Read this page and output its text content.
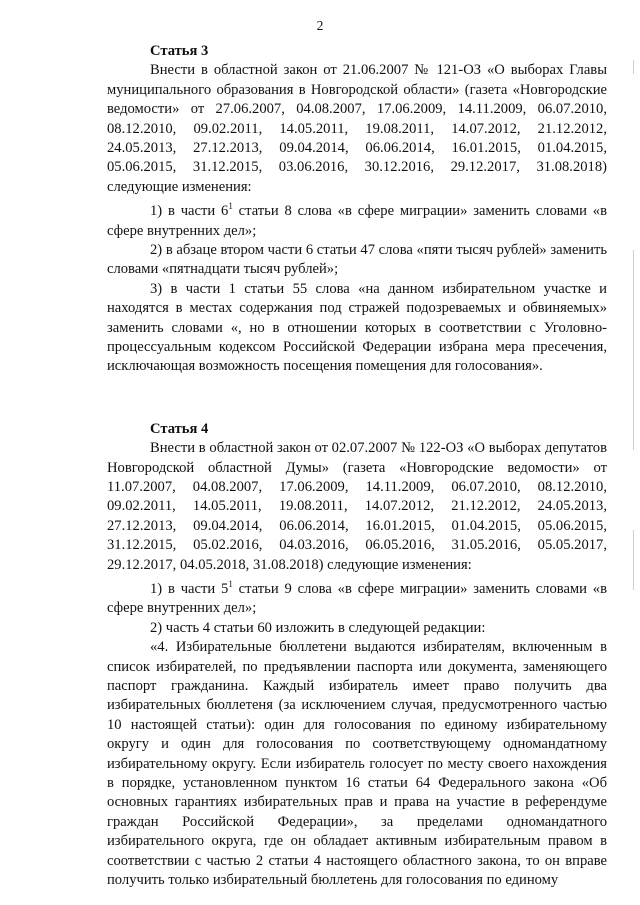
2

Статья 3

Внести в областной закон от 21.06.2007 № 121-ОЗ «О выборах Главы муниципального образования в Новгородской области» (газета «Новгородские ведомости» от 27.06.2007, 04.08.2007, 17.06.2009, 14.11.2009, 06.07.2010, 08.12.2010, 09.02.2011, 14.05.2011, 19.08.2011, 14.07.2012, 21.12.2012, 24.05.2013, 27.12.2013, 09.04.2014, 06.06.2014, 16.01.2015, 01.04.2015, 05.06.2015, 31.12.2015, 03.06.2016, 30.12.2016, 29.12.2017, 31.08.2018) следующие изменения:

1) в части $6^1$ статьи 8 слова «в сфере миграции» заменить словами «в сфере внутренних дел»;

2) в абзаце втором части 6 статьи 47 слова «пяти тысяч рублей» заменить словами «пятнадцати тысяч рублей»;

3) в части 1 статьи 55 слова «на данном избирательном участке и находятся в местах содержания под стражей подозреваемых и обвиняемых» заменить словами «, но в отношении которых в соответствии с Уголовно-процессуальным кодексом Российской Федерации избрана мера пресечения, исключающая возможность посещения помещения для голосования».

Статья 4

Внести в областной закон от 02.07.2007 № 122-ОЗ «О выборах депутатов Новгородской областной Думы» (газета «Новгородские ведомости» от 11.07.2007, 04.08.2007, 17.06.2009, 14.11.2009, 06.07.2010, 08.12.2010, 09.02.2011, 14.05.2011, 19.08.2011, 14.07.2012, 21.12.2012, 24.05.2013, 27.12.2013, 09.04.2014, 06.06.2014, 16.01.2015, 01.04.2015, 05.06.2015, 31.12.2015, 05.02.2016, 04.03.2016, 06.05.2016, 31.05.2016, 05.05.2017, 29.12.2017, 04.05.2018, 31.08.2018) следующие изменения:

1) в части $5^1$ статьи 9 слова «в сфере миграции» заменить словами «в сфере внутренних дел»;

2) часть 4 статьи 60 изложить в следующей редакции:

«4. Избирательные бюллетени выдаются избирателям, включенным в список избирателей, по предъявлении паспорта или документа, заменяющего паспорт гражданина. Каждый избиратель имеет право получить два избирательных бюллетеня (за исключением случая, предусмотренного частью 10 настоящей статьи): один для голосования по единому избирательному округу и один для голосования по соответствующему одномандатному избирательному округу. Если избиратель голосует по месту своего нахождения в порядке, установленном пунктом 16 статьи 64 Федерального закона «Об основных гарантиях избирательных прав и права на участие в референдуме граждан Российской Федерации», за пределами одномандатного избирательного округа, где он обладает активным избирательным правом в соответствии с частью 2 статьи 4 настоящего областного закона, то он вправе получить только избирательный бюллетень для голосования по единому
